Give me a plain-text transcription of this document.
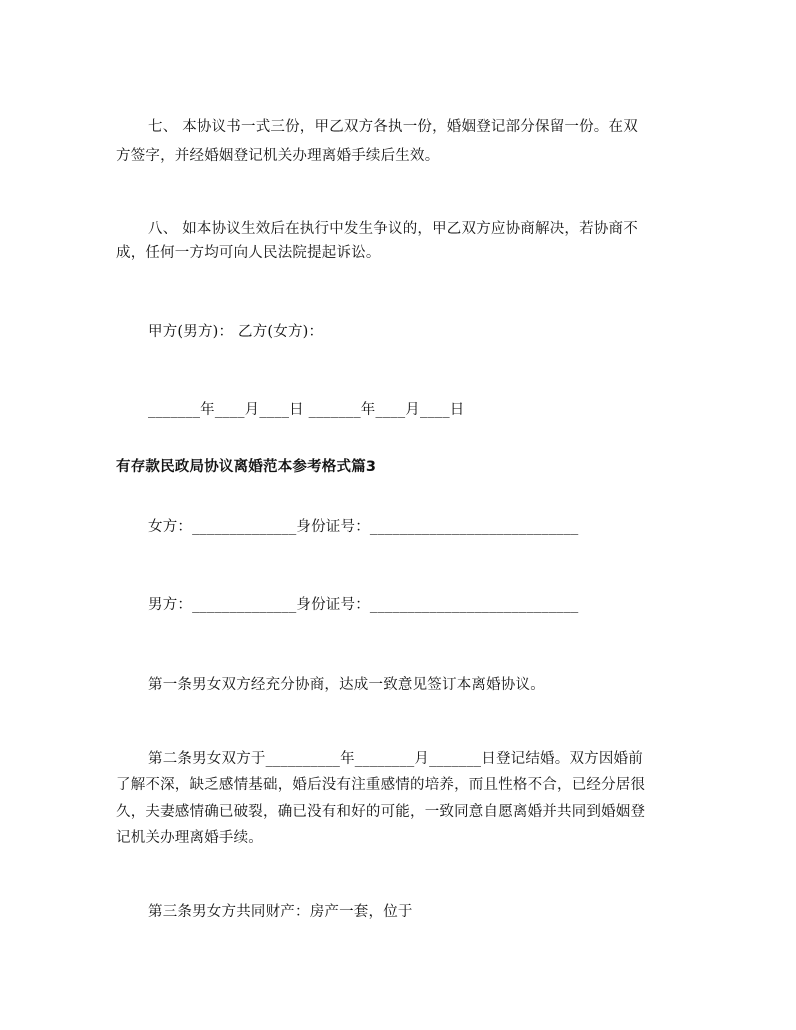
七、 本协议书一式三份，甲乙双方各执一份，婚姻登记部分保留一份。在双
方签字，并经婚姻登记机关办理离婚手续后生效。
八、 如本协议生效后在执行中发生争议的，甲乙双方应协商解决，若协商不
成，任何一方均可向人民法院提起诉讼。
甲方(男方)： 乙方(女方)：
_______年____月____日 _______年____月____日
有存款民政局协议离婚范本参考格式篇3
女方：______________身份证号：____________________________
男方：______________身份证号：____________________________
第一条男女双方经充分协商，达成一致意见签订本离婚协议。
第二条男女双方于__________年________月_______日登记结婚。双方因婚前
了解不深，缺乏感情基础，婚后没有注重感情的培养，而且性格不合，已经分居很
久，夫妻感情确已破裂，确已没有和好的可能，一致同意自愿离婚并共同到婚姻登
记机关办理离婚手续。
第三条男女方共同财产：房产一套，位于
